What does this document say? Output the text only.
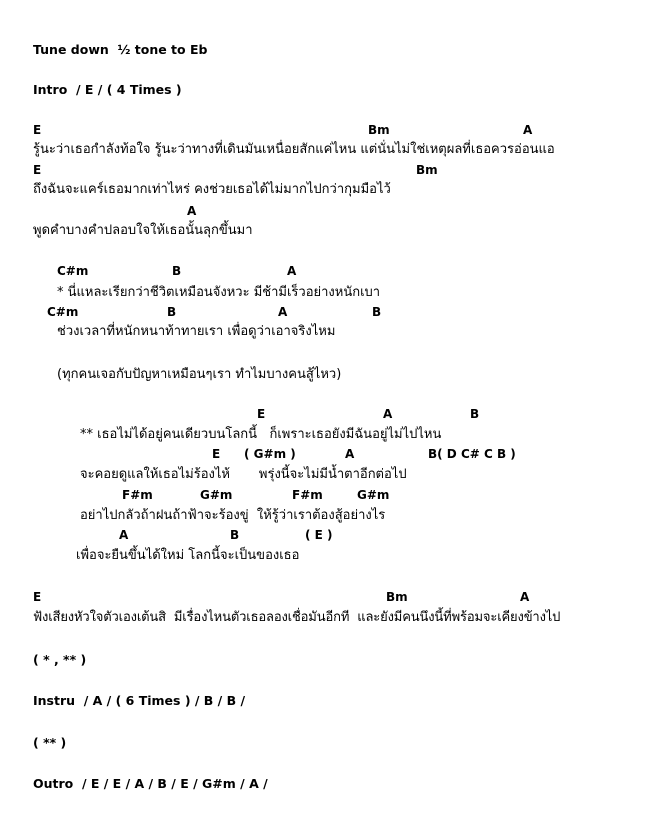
Tune down  ½ tone to Eb
Intro  / E / ( 4 Times )
E	Bm	A
รู้นะว่าเธอกำลังท้อใจ รู้นะว่าทางที่เดินมันเหนื่อยสักแค่ไหน แต่นั่นไม่ใช่เหตุผลที่เธอควรอ่อนแอ
E	Bm
ถึงฉันจะแคร์เธอมากเท่าไหร่ คงช่วยเธอได้ไม่มากไปกว่ากุมมือไว้
A
พูดคำบางคำปลอบใจให้เธอนั้นลุกขึ้นมา
C#m	B	A
* นี่แหละเรียกว่าชีวิตเหมือนจังหวะ มีช้ามีเร็วอย่างหนักเบา
C#m	B	A	B
ช่วงเวลาที่หนักหนาท้าทายเรา เพื่อดูว่าเอาจริงไหม
(ทุกคนเจอกับปัญหาเหมือนๆเรา ทำไมบางคนสู้ไหว)
E	A	B
** เธอไม่ได้อยู่คนเดียวบนโลกนี้   ก็เพราะเธอยังมีฉันอยู่ไม่ไปไหน
E ( G#m )	A	B( D C# C B )
จะคอยดูแลให้เธอไม่ร้องไห้       พรุ่งนี้จะไม่มีน้ำตาอีกต่อไป
F#m	G#m	F#m	G#m
อย่าไปกลัวถ้าฝนถ้าฟ้าจะร้องขู่  ให้รู้ว่าเราต้องสู้อย่างไร
A	B	( E )
เพื่อจะยืนขึ้นได้ใหม่ โลกนี้จะเป็นของเธอ
E	Bm	A
ฟังเสียงหัวใจตัวเองเต้นสิ  มีเรื่องไหนตัวเธอลองเชื่อมันอีกที  และยังมีคนนึงนี้ที่พร้อมจะเคียงข้างไป
( * , ** )
Instru  / A / ( 6 Times ) / B / B /
( ** )
Outro  / E / E / A / B / E / G#m / A /
